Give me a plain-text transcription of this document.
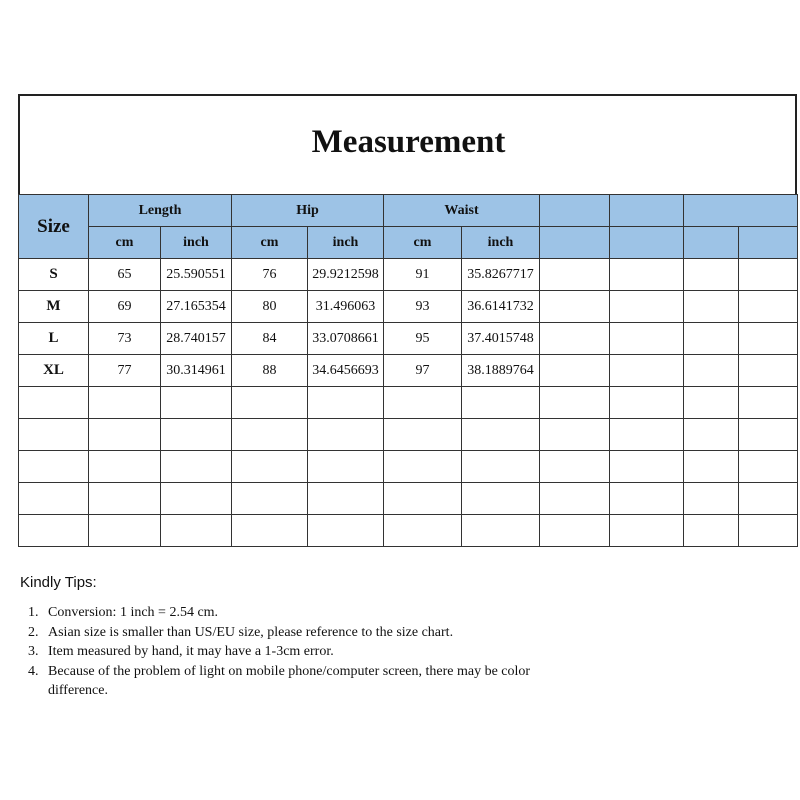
Measurement
Size	Length		Hip		Waist					
	cm	inch	cm	inch	cm	inch				
S	65	25.590551	76	29.9212598	91	35.8267717				
M	69	27.165354	80	31.496063	93	36.6141732				
L	73	28.740157	84	33.0708661	95	37.4015748				
XL	77	30.314961	88	34.6456693	97	38.1889764				

Kindly Tips:
1. Conversion: 1 inch = 2.54 cm.
2. Asian size is smaller than US/EU size, please reference to the size chart.
3. Item measured by hand, it may have a 1-3cm error.
4. Because of the problem of light on mobile phone/computer screen, there may be color difference.
